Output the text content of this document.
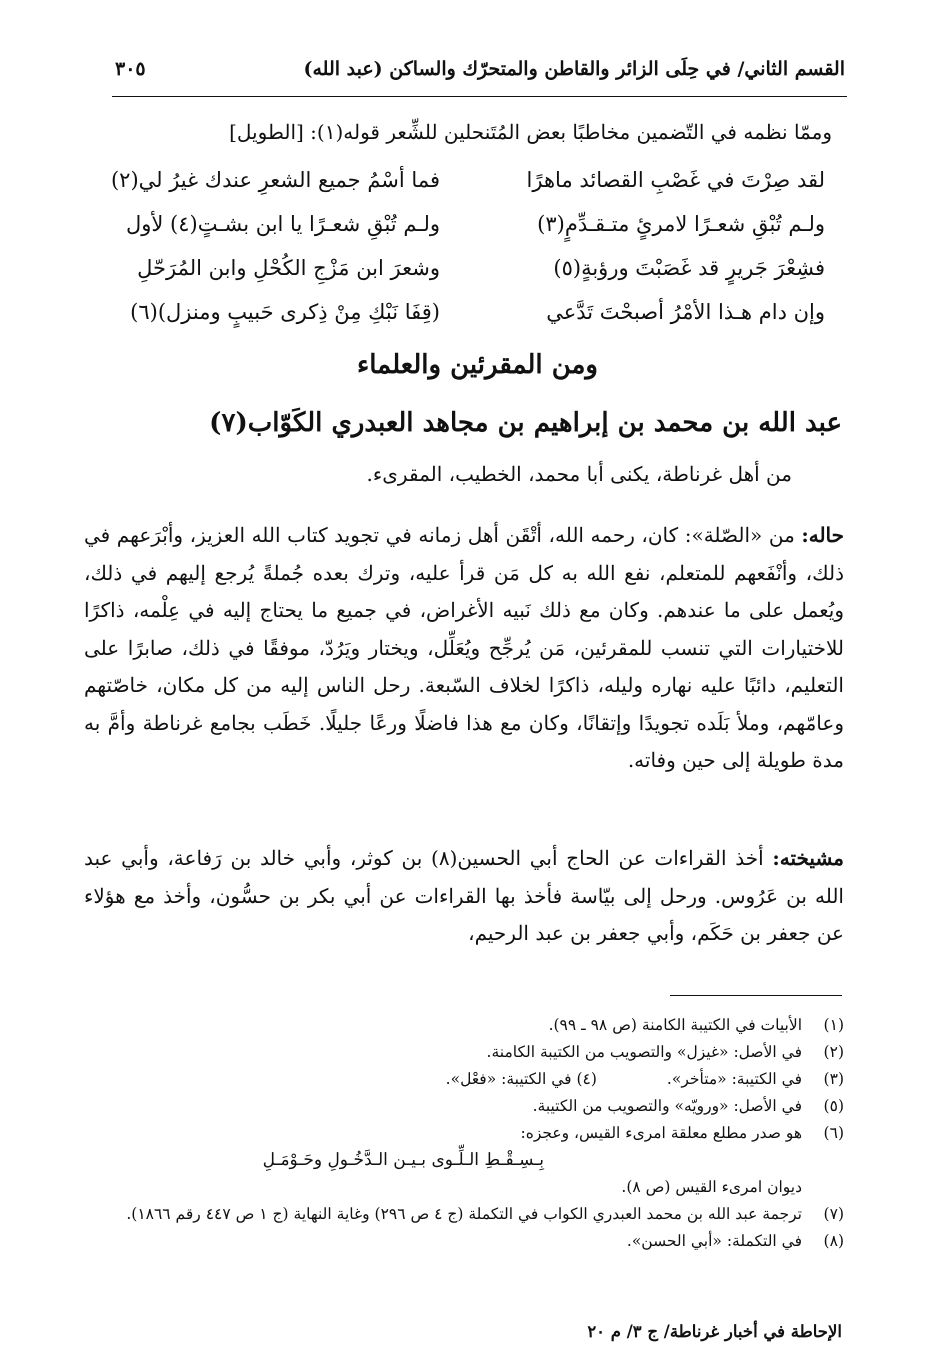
القسم الثاني/ في حِلَى الزائر والقاطن والمتحرّك والساكن (عبد الله)
٣٠٥
وممّا نظمه في التّضمين مخاطبًا بعض المُتَنحلين للشِّعر قوله(١): [الطويل]
لقد صِرْتَ في غَصْبِ القصائد ماهرًا
فما أسْمُ جميع الشعرِ عندك غيرُ لي(٢)
ولـم تُبْقِ شعـرًا لامرئٍ متـقـدِّمٍ(٣)
ولـم تُبْقِ شعـرًا يا ابن بشـتٍ(٤) لأول
فشِعْرَ جَريرٍ قد غَصَبْتَ ورؤبةٍ(٥)
وشعرَ ابن مَزْجِ الكُحْلِ وابن المُرَحّلِ
وإن دام هـذا الأمْرُ أصبحْتَ تَدَّعي
(قِفَا نَبْكِ مِنْ ذِكرى حَبيبٍ ومنزل)(٦)
ومن المقرئين والعلماء
عبد الله بن محمد بن إبراهيم بن مجاهد العبدري الكَوّاب(٧)
من أهل غرناطة، يكنى أبا محمد، الخطيب، المقرىء.
حاله: من «الصّلة»: كان، رحمه الله، أتْقَن أهل زمانه في تجويد كتاب الله العزيز، وأبْرَعهم في ذلك، وأنْفَعهم للمتعلم، نفع الله به كل مَن قرأ عليه، وترك بعده جُملةً يُرجع إليهم في ذلك، ويُعمل على ما عندهم. وكان مع ذلك نَبيه الأغراض، في جميع ما يحتاج إليه في عِلْمه، ذاكرًا للاختيارات التي تنسب للمقرئين، مَن يُرجِّح ويُعَلِّل، ويختار ويَرُدّ، موفقًا في ذلك، صابرًا على التعليم، دائبًا عليه نهاره وليله، ذاكرًا لخلاف السّبعة. رحل الناس إليه من كل مكان، خاصّتهم وعامّهم، وملأ بَلَده تجويدًا وإتقانًا، وكان مع هذا فاضلًا ورعًا جليلًا. خَطَب بجامع غرناطة وأمَّ به مدة طويلة إلى حين وفاته.
مشيخته: أخذ القراءات عن الحاج أبي الحسين(٨) بن كوثر، وأبي خالد بن رَفاعة، وأبي عبد الله بن عَرُوس. ورحل إلى بيّاسة فأخذ بها القراءات عن أبي بكر بن حسُّون، وأخذ مع هؤلاء عن جعفر بن حَكَم، وأبي جعفر بن عبد الرحيم،
(١)
الأبيات في الكتيبة الكامنة (ص ٩٨ ـ ٩٩).
(٢)
في الأصل: «غيزل» والتصويب من الكتيبة الكامنة.
(٣)
في الكتيبة: «متأخر».(٤) في الكتيبة: «فعْل».
(٥)
في الأصل: «ورويّه» والتصويب من الكتيبة.
(٦)
هو صدر مطلع معلقة امرىء القيس، وعجزه:
بِـسِـقْـطِ الـلِّـوى بـيـن الـدَّخُـولِ وحَـوْمَـلِ
ديوان امرىء القيس (ص ٨).
(٧)
ترجمة عبد الله بن محمد العبدري الكواب في التكملة (ج ٤ ص ٢٩٦) وغاية النهاية (ج ١ ص ٤٤٧ رقم ١٨٦٦).
(٨)
في التكملة: «أبي الحسن».
الإحاطة في أخبار غرناطة/ ج ٣/ م ٢٠
